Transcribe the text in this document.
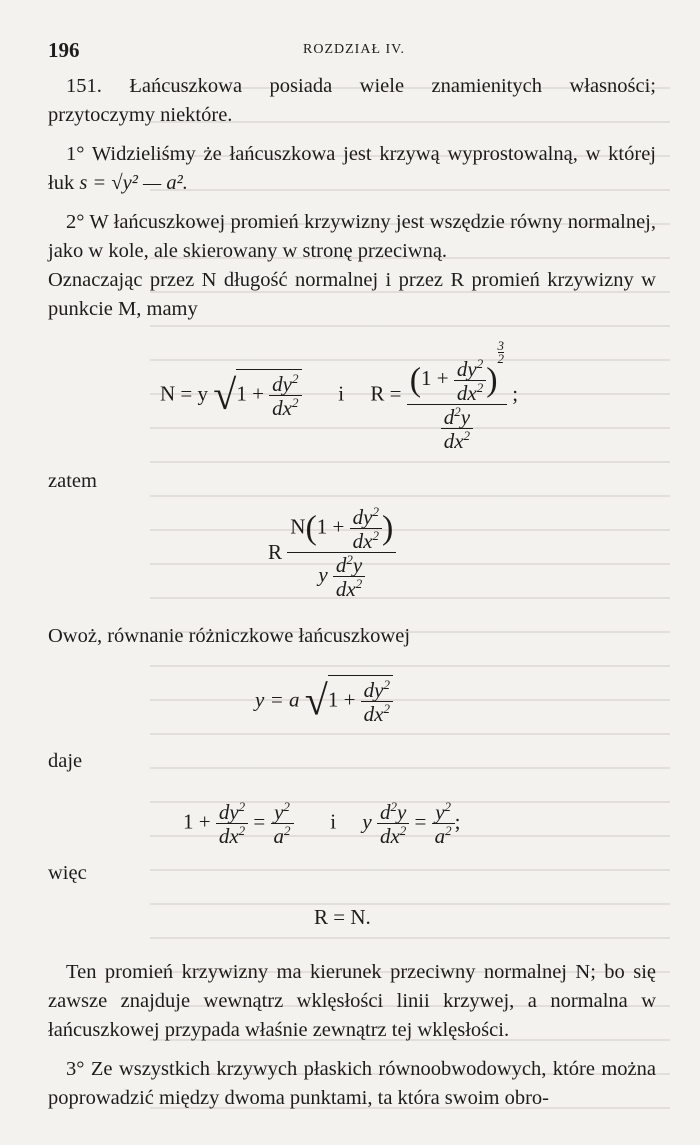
196	ROZDZIAŁ IV.

151. Łańcuszkowa posiada wiele znamienitych własności; przytoczymy niektóre.

1° Widzieliśmy że łańcuszkowa jest krzywą wyprostowalną, w której łuk s = √y² — a².

2° W łańcuszkowej promień krzywizny jest wszędzie równy normalnej, jako w kole, ale skierowany w stronę przeciwną.

Oznaczając przez N długość normalnej i przez R promień krzywizny w punkcie M, mamy

N = y $√1 + \frac{dy^2}{dx^2}$ i $R = (1 + \frac{dy^2}{dx^2}$ )
$\frac{3}{2}$
$\frac{d^2y}{dx^2}$ ;
zatem
R $\frac{N(1 + \frac{dy^2}{dx^2} )}{y \frac{d^2y}{dx^2}}$
Owoż, równanie różniczkowe łańcuszkowej
y = a $√1 + \frac{dy^2}{dx^2}$
daje
$1 + \frac{dy^2}{dx^2} = \frac{y^2}{a^2}$ i y $\frac{d^2y}{dx^2} = \frac{y^2}{a^2}$ ;
więc
R = N.

Ten promień krzywizny ma kierunek przeciwny normalnej N; bo się zawsze znajduje wewnątrz wklęsłości linii krzywej, a normalna w łańcuszkowej przypada właśnie zewnątrz tej wklęsłości.

3° Ze wszystkich krzywych płaskich równoobwodowych, które można poprowadzić między dwoma punktami, ta która swoim obro-
